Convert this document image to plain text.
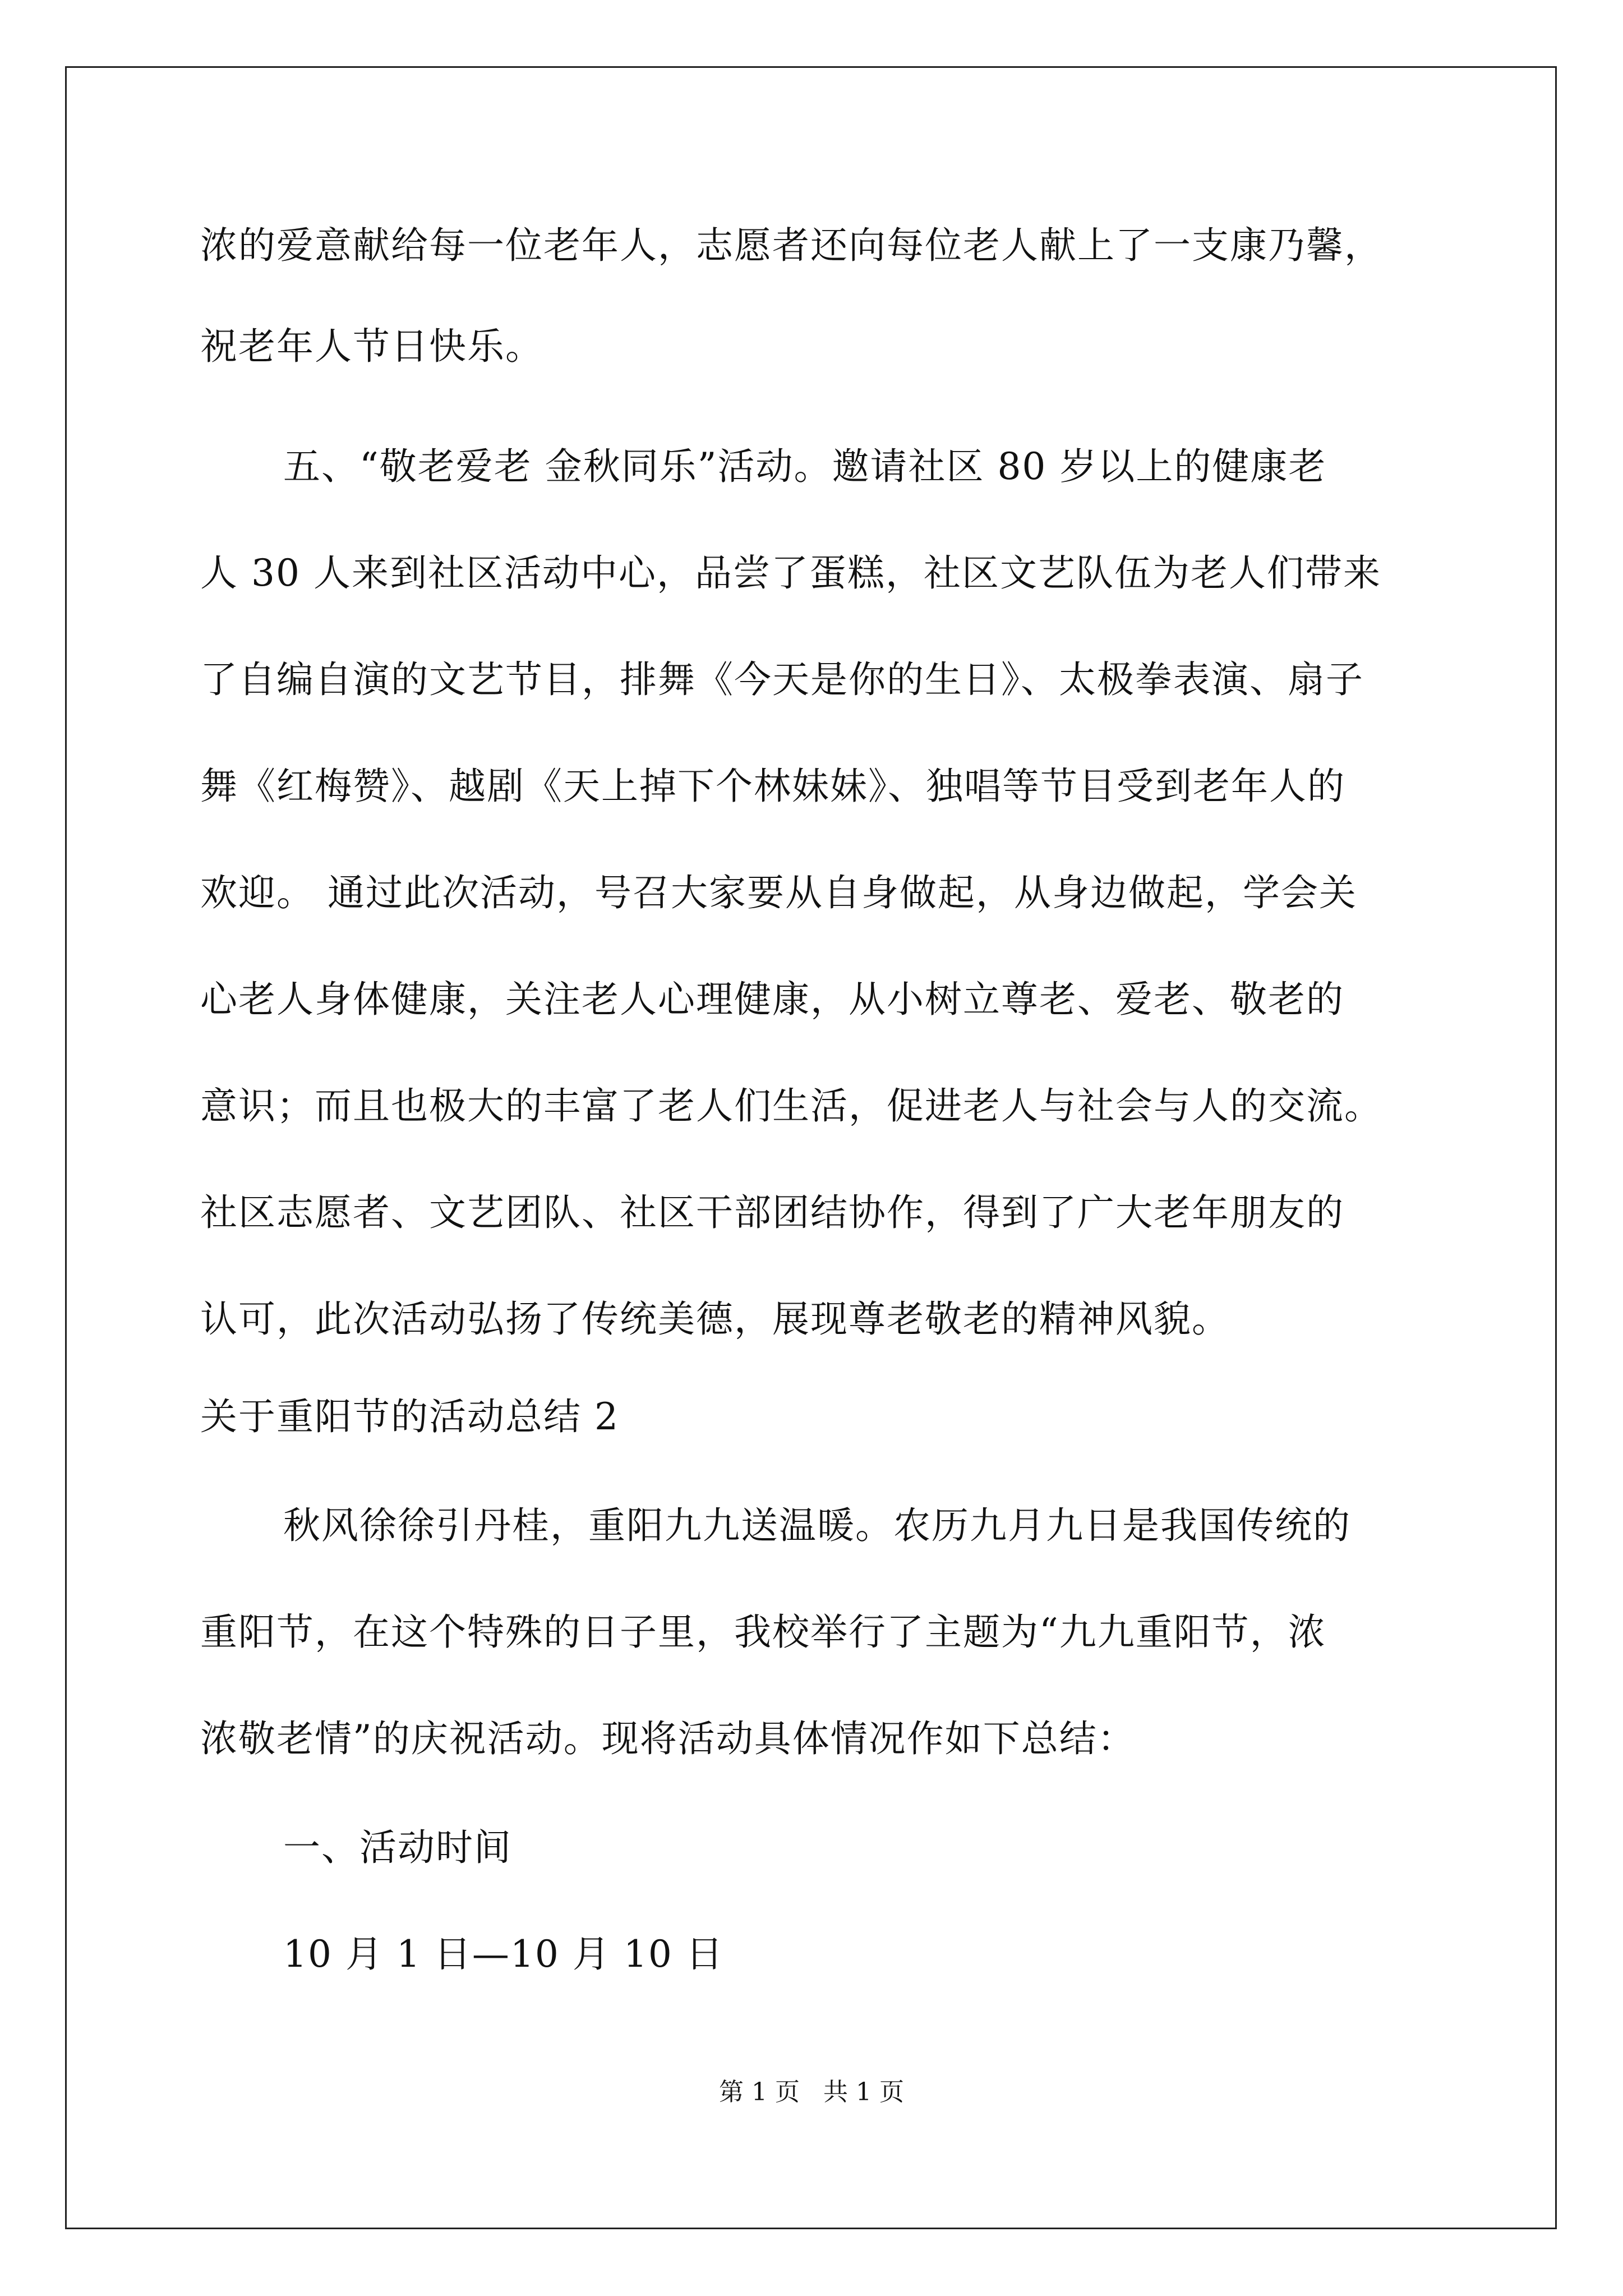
浓的爱意献给每一位老年人，志愿者还向每位老人献上了一支康乃馨，
祝老年人节日快乐。
五、“敬老爱老 金秋同乐”活动。邀请社区 80 岁以上的健康老
人 30 人来到社区活动中心，品尝了蛋糕，社区文艺队伍为老人们带来
了自编自演的文艺节目，排舞《今天是你的生日》、太极拳表演、扇子
舞《红梅赞》、越剧《天上掉下个林妹妹》、独唱等节目受到老年人的
欢迎。 通过此次活动，号召大家要从自身做起，从身边做起，学会关
心老人身体健康，关注老人心理健康，从小树立尊老、爱老、敬老的
意识；而且也极大的丰富了老人们生活，促进老人与社会与人的交流。
社区志愿者、文艺团队、社区干部团结协作，得到了广大老年朋友的
认可，此次活动弘扬了传统美德，展现尊老敬老的精神风貌。
关于重阳节的活动总结 2
秋风徐徐引丹桂，重阳九九送温暖。农历九月九日是我国传统的
重阳节，在这个特殊的日子里，我校举行了主题为“九九重阳节，浓
浓敬老情”的庆祝活动。现将活动具体情况作如下总结：
一、活动时间
10 月 1 日—10 月 10 日
第 1 页   共 1 页
